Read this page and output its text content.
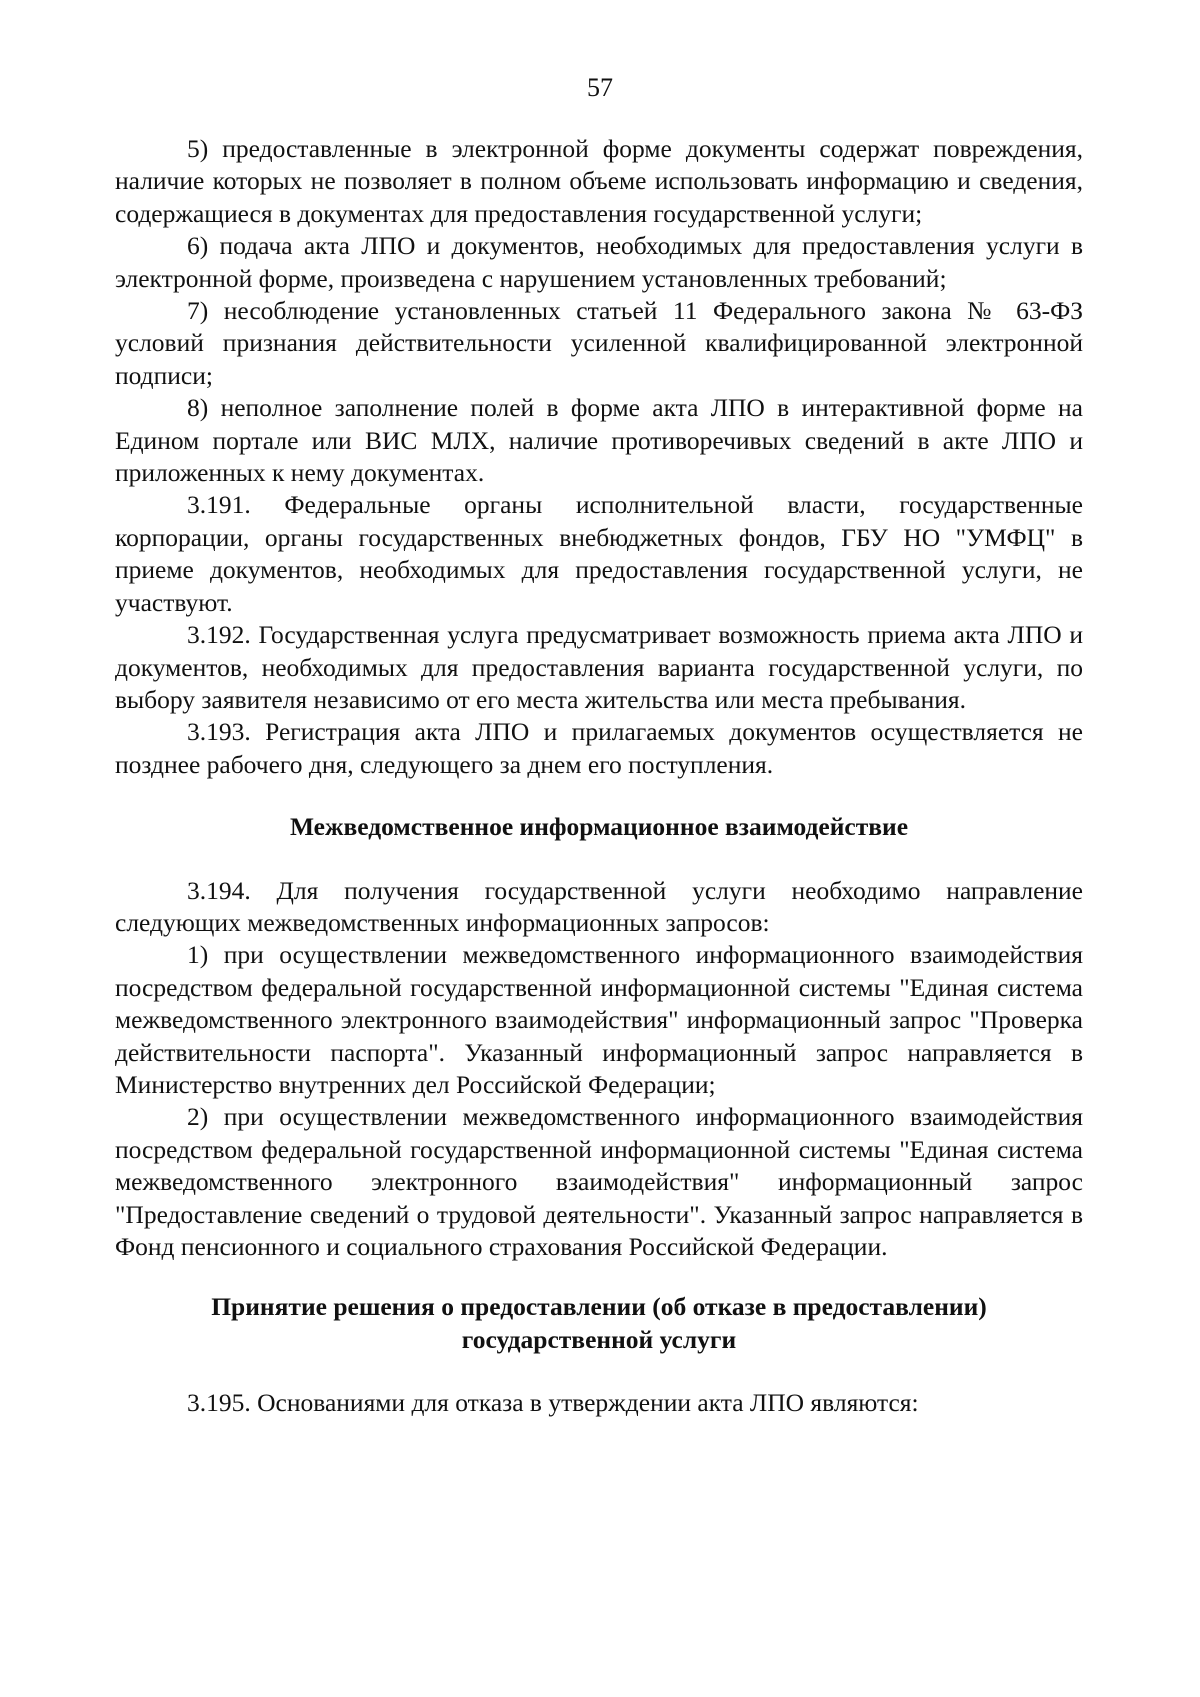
57

5) предоставленные в электронной форме документы содержат повреждения, наличие которых не позволяет в полном объеме использовать информацию и сведения, содержащиеся в документах для предоставления государственной услуги;

6) подача акта ЛПО и документов, необходимых для предоставления услуги в электронной форме, произведена с нарушением установленных требований;

7) несоблюдение установленных статьей 11 Федерального закона № 63-ФЗ условий признания действительности усиленной квалифицированной электронной подписи;

8) неполное заполнение полей в форме акта ЛПО в интерактивной форме на Едином портале или ВИС МЛХ, наличие противоречивых сведений в акте ЛПО и приложенных к нему документах.

3.191. Федеральные органы исполнительной власти, государственные корпорации, органы государственных внебюджетных фондов, ГБУ НО "УМФЦ" в приеме документов, необходимых для предоставления государственной услуги, не участвуют.

3.192. Государственная услуга предусматривает возможность приема акта ЛПО и документов, необходимых для предоставления варианта государственной услуги, по выбору заявителя независимо от его места жительства или места пребывания.

3.193. Регистрация акта ЛПО и прилагаемых документов осуществляется не позднее рабочего дня, следующего за днем его поступления.

Межведомственное информационное взаимодействие

3.194. Для получения государственной услуги необходимо направление следующих межведомственных информационных запросов:

1) при осуществлении межведомственного информационного взаимодействия посредством федеральной государственной информационной системы "Единая система межведомственного электронного взаимодействия" информационный запрос "Проверка действительности паспорта". Указанный информационный запрос направляется в Министерство внутренних дел Российской Федерации;

2) при осуществлении межведомственного информационного взаимодействия посредством федеральной государственной информационной системы "Единая система межведомственного электронного взаимодействия" информационный запрос "Предоставление сведений о трудовой деятельности". Указанный запрос направляется в Фонд пенсионного и социального страхования Российской Федерации.

Принятие решения о предоставлении (об отказе в предоставлении)
государственной услуги

3.195. Основаниями для отказа в утверждении акта ЛПО являются:
